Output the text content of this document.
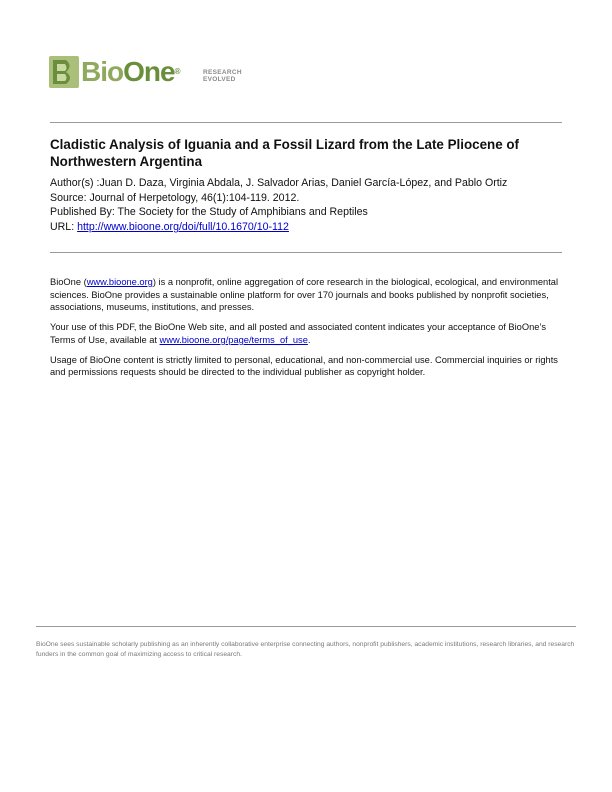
BioOne®	RESEARCH
EVOLVED
Cladistic Analysis of Iguania and a Fossil Lizard from the Late Pliocene of Northwestern Argentina
Author(s) :Juan D. Daza, Virginia Abdala, J. Salvador Arias, Daniel García-López, and Pablo Ortiz
Source: Journal of Herpetology, 46(1):104-119. 2012.
Published By: The Society for the Study of Amphibians and Reptiles
URL: http://www.bioone.org/doi/full/10.1670/10-112

BioOne (www.bioone.org) is a nonprofit, online aggregation of core research in the biological, ecological, and environmental sciences. BioOne provides a sustainable online platform for over 170 journals and books published by nonprofit societies, associations, museums, institutions, and presses.

Your use of this PDF, the BioOne Web site, and all posted and associated content indicates your acceptance of BioOne’s Terms of Use, available at www.bioone.org/page/terms_of_use.

Usage of BioOne content is strictly limited to personal, educational, and non-commercial use. Commercial inquiries or rights and permissions requests should be directed to the individual publisher as copyright holder.

BioOne sees sustainable scholarly publishing as an inherently collaborative enterprise connecting authors, nonprofit publishers, academic institutions, research libraries, and research funders in the common goal of maximizing access to critical research.
